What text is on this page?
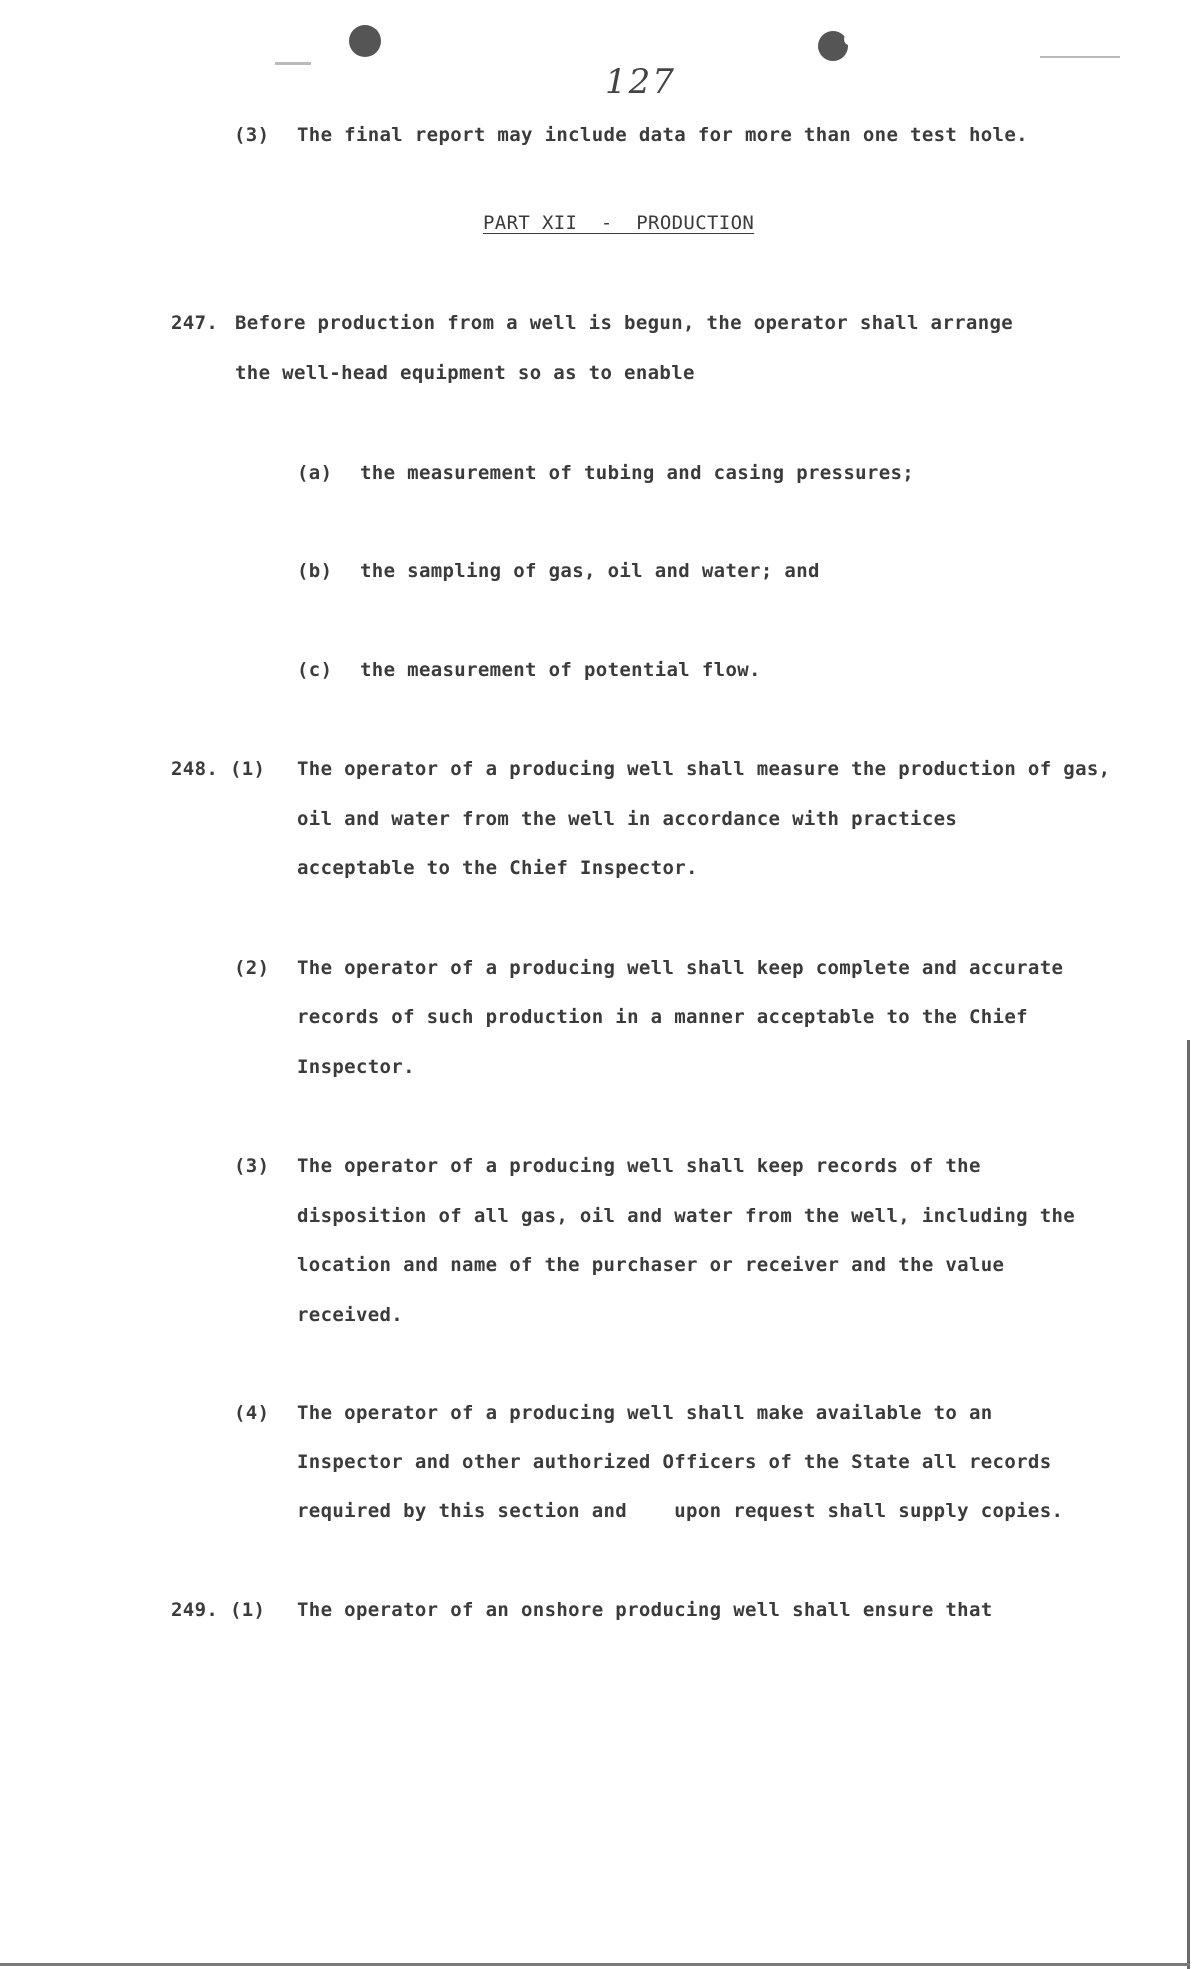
127
(3) The final report may include data for more than one test hole.
PART XII  -  PRODUCTION
247. Before production from a well is begun, the operator shall arrange
the well-head equipment so as to enable
(a) the measurement of tubing and casing pressures;
(b) the sampling of gas, oil and water; and
(c) the measurement of potential flow.
248. (1) The operator of a producing well shall measure the production of gas,
oil and water from the well in accordance with practices
acceptable to the Chief Inspector.
(2) The operator of a producing well shall keep complete and accurate
records of such production in a manner acceptable to the Chief
Inspector.
(3) The operator of a producing well shall keep records of the
disposition of all gas, oil and water from the well, including the
location and name of the purchaser or receiver and the value
received.
(4) The operator of a producing well shall make available to an
Inspector and other authorized Officers of the State all records
required by this section and    upon request shall supply copies.
249. (1) The operator of an onshore producing well shall ensure that
